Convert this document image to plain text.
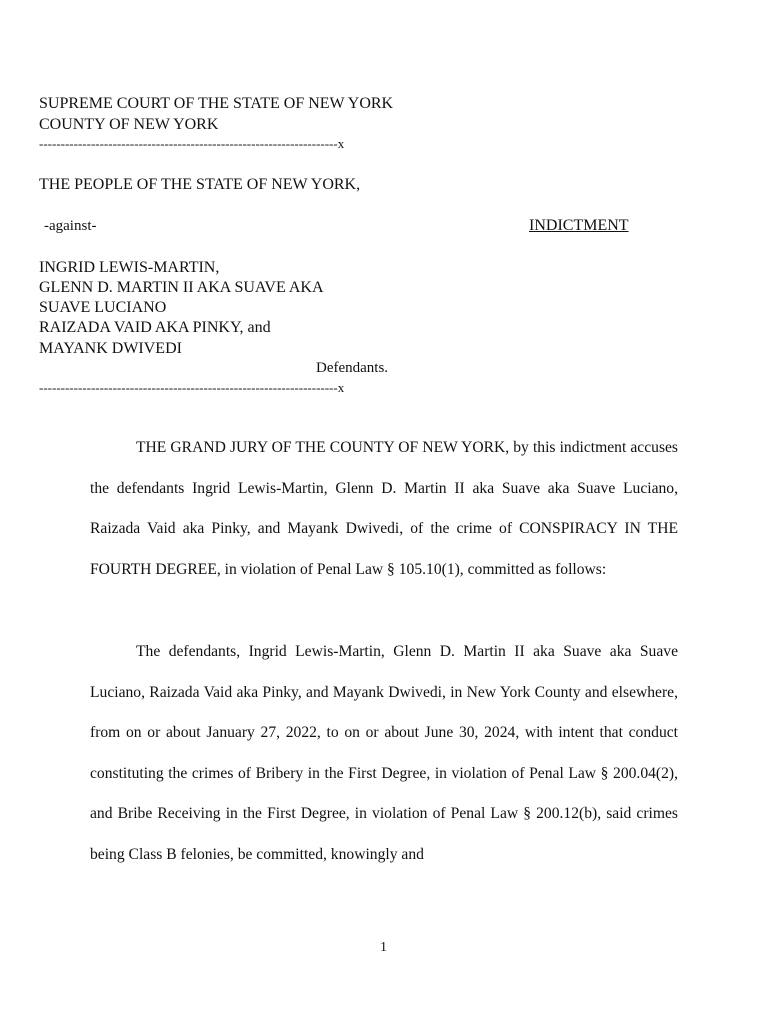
SUPREME COURT OF THE STATE OF NEW YORK
COUNTY OF NEW YORK
---------------------------------------------------------------------x
THE PEOPLE OF THE STATE OF NEW YORK,
-against-	INDICTMENT
INGRID LEWIS-MARTIN,
GLENN D. MARTIN II AKA SUAVE AKA
SUAVE LUCIANO
RAIZADA VAID AKA PINKY, and
MAYANK DWIVEDI
Defendants.
---------------------------------------------------------------------x
THE GRAND JURY OF THE COUNTY OF NEW YORK, by this indictment accuses the defendants Ingrid Lewis-Martin, Glenn D. Martin II aka Suave aka Suave Luciano, Raizada Vaid aka Pinky, and Mayank Dwivedi, of the crime of CONSPIRACY IN THE FOURTH DEGREE, in violation of Penal Law § 105.10(1), committed as follows:
The defendants, Ingrid Lewis-Martin, Glenn D. Martin II aka Suave aka Suave Luciano, Raizada Vaid aka Pinky, and Mayank Dwivedi, in New York County and elsewhere, from on or about January 27, 2022, to on or about June 30, 2024, with intent that conduct constituting the crimes of Bribery in the First Degree, in violation of Penal Law § 200.04(2), and Bribe Receiving in the First Degree, in violation of Penal Law § 200.12(b), said crimes being Class B felonies, be committed, knowingly and
1
